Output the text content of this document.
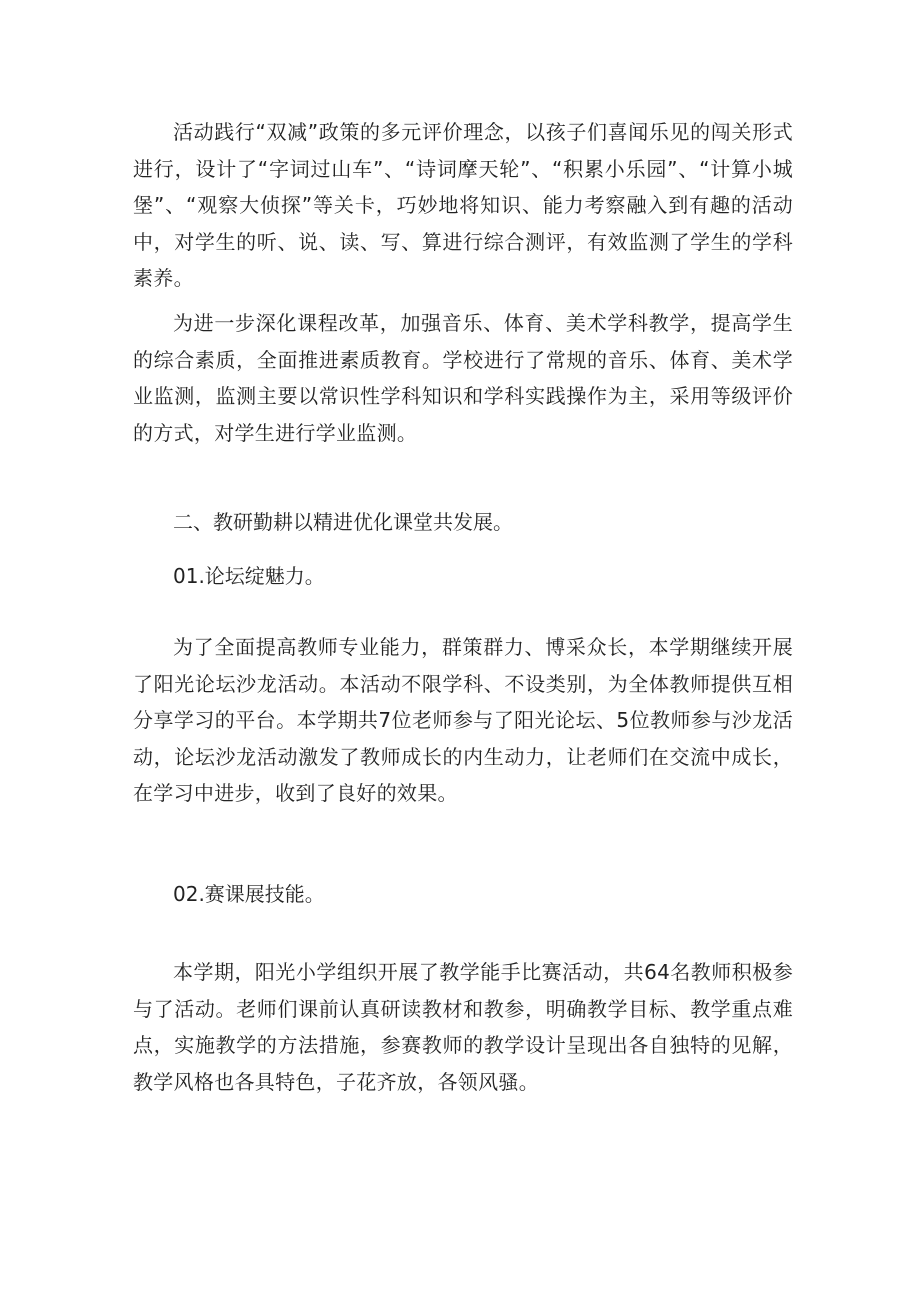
活动践行“双减”政策的多元评价理念，以孩子们喜闻乐见的闯关形式进行，设计了“字词过山车”、“诗词摩天轮”、“积累小乐园”、“计算小城堡”、“观察大侦探”等关卡，巧妙地将知识、能力考察融入到有趣的活动中，对学生的听、说、读、写、算进行综合测评，有效监测了学生的学科素养。

为进一步深化课程改革，加强音乐、体育、美术学科教学，提高学生的综合素质，全面推进素质教育。学校进行了常规的音乐、体育、美术学业监测，监测主要以常识性学科知识和学科实践操作为主，采用等级评价的方式，对学生进行学业监测。

二、教研勤耕以精进优化课堂共发展。

01.论坛绽魅力。

为了全面提高教师专业能力，群策群力、博采众长，本学期继续开展了阳光论坛沙龙活动。本活动不限学科、不设类别，为全体教师提供互相分享学习的平台。本学期共7位老师参与了阳光论坛、5位教师参与沙龙活动，论坛沙龙活动激发了教师成长的内生动力，让老师们在交流中成长，在学习中进步，收到了良好的效果。

02.赛课展技能。

本学期，阳光小学组织开展了教学能手比赛活动，共64名教师积极参与了活动。老师们课前认真研读教材和教参，明确教学目标、教学重点难点，实施教学的方法措施，参赛教师的教学设计呈现出各自独特的见解，教学风格也各具特色，子花齐放，各领风骚。
